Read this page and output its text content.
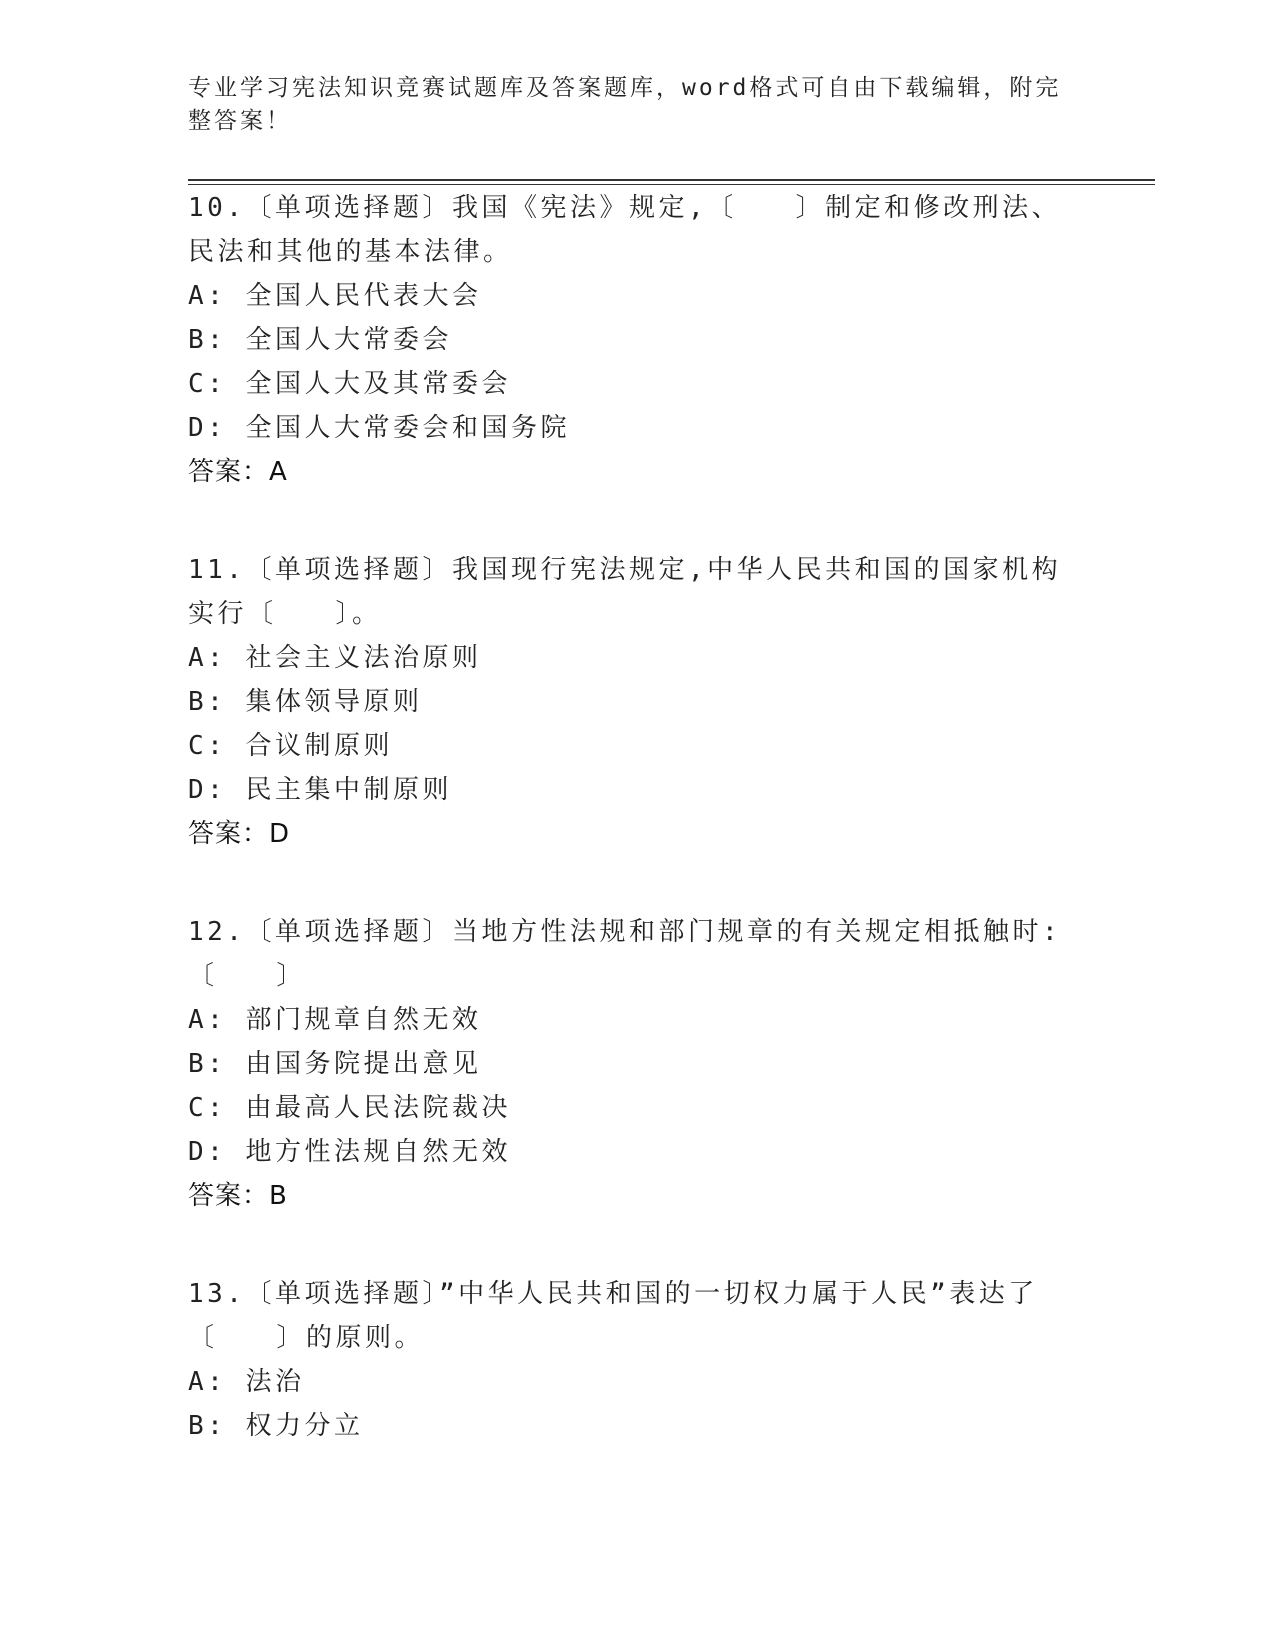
专业学习宪法知识竞赛试题库及答案题库，word格式可自由下载编辑，附完整答案！

10.〔单项选择题〕我国《宪法》规定,〔　　〕制定和修改刑法、民法和其他的基本法律。

A: 全国人民代表大会

B: 全国人大常委会

C: 全国人大及其常委会

D: 全国人大常委会和国务院

答案：A

11.〔单项选择题〕我国现行宪法规定,中华人民共和国的国家机构实行〔　　〕。

A: 社会主义法治原则

B: 集体领导原则

C: 合议制原则

D: 民主集中制原则

答案：D

12.〔单项选择题〕当地方性法规和部门规章的有关规定相抵触时:〔　　〕

A: 部门规章自然无效

B: 由国务院提出意见

C: 由最高人民法院裁决

D: 地方性法规自然无效

答案：B

13.〔单项选择题〕”中华人民共和国的一切权力属于人民”表达了〔　　〕的原则。

A: 法治

B: 权力分立
